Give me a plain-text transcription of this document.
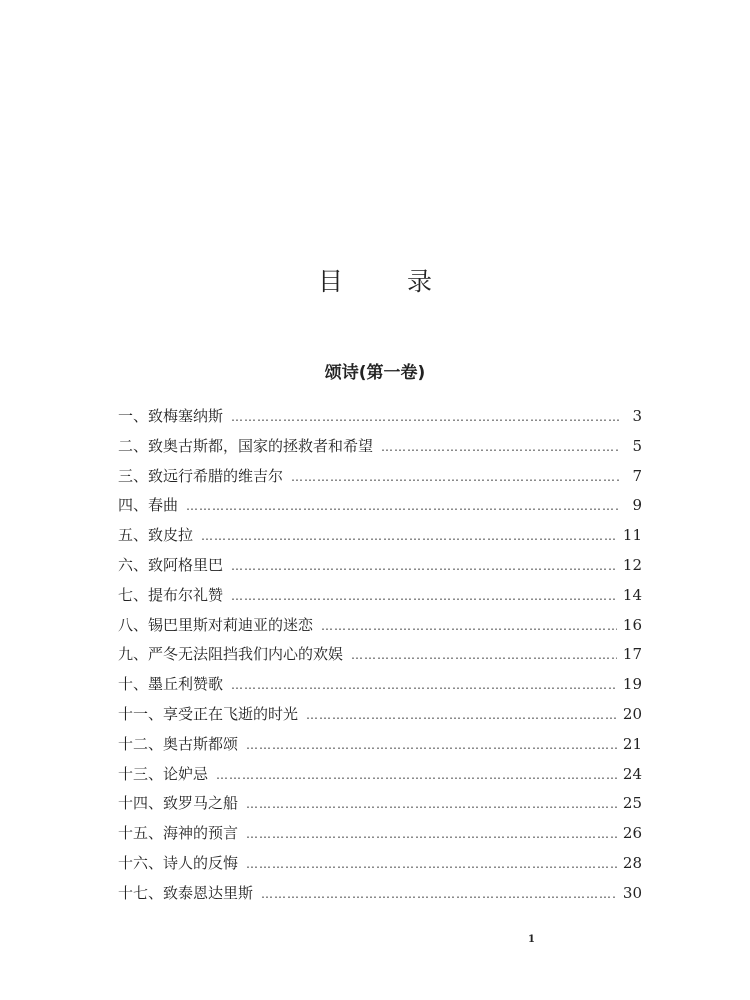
目 录
颂诗(第一卷)
一、致梅塞纳斯 …………………………………………………………………………………………………………………………………………………………………………	3
二、致奥古斯都，国家的拯救者和希望 …………………………………………………………………………………………………………………………………………………………………………	5
三、致远行希腊的维吉尔 …………………………………………………………………………………………………………………………………………………………………………	7
四、春曲 …………………………………………………………………………………………………………………………………………………………………………	9
五、致皮拉 …………………………………………………………………………………………………………………………………………………………………………	11
六、致阿格里巴 …………………………………………………………………………………………………………………………………………………………………………	12
七、提布尔礼赞 …………………………………………………………………………………………………………………………………………………………………………	14
八、锡巴里斯对莉迪亚的迷恋 …………………………………………………………………………………………………………………………………………………………………………	16
九、严冬无法阻挡我们内心的欢娱 …………………………………………………………………………………………………………………………………………………………………………	17
十、墨丘利赞歌 …………………………………………………………………………………………………………………………………………………………………………	19
十一、享受正在飞逝的时光 …………………………………………………………………………………………………………………………………………………………………………	20
十二、奥古斯都颂 …………………………………………………………………………………………………………………………………………………………………………	21
十三、论妒忌 …………………………………………………………………………………………………………………………………………………………………………	24
十四、致罗马之船 …………………………………………………………………………………………………………………………………………………………………………	25
十五、海神的预言 …………………………………………………………………………………………………………………………………………………………………………	26
十六、诗人的反悔 …………………………………………………………………………………………………………………………………………………………………………	28
十七、致泰恩达里斯 …………………………………………………………………………………………………………………………………………………………………………	30
1
